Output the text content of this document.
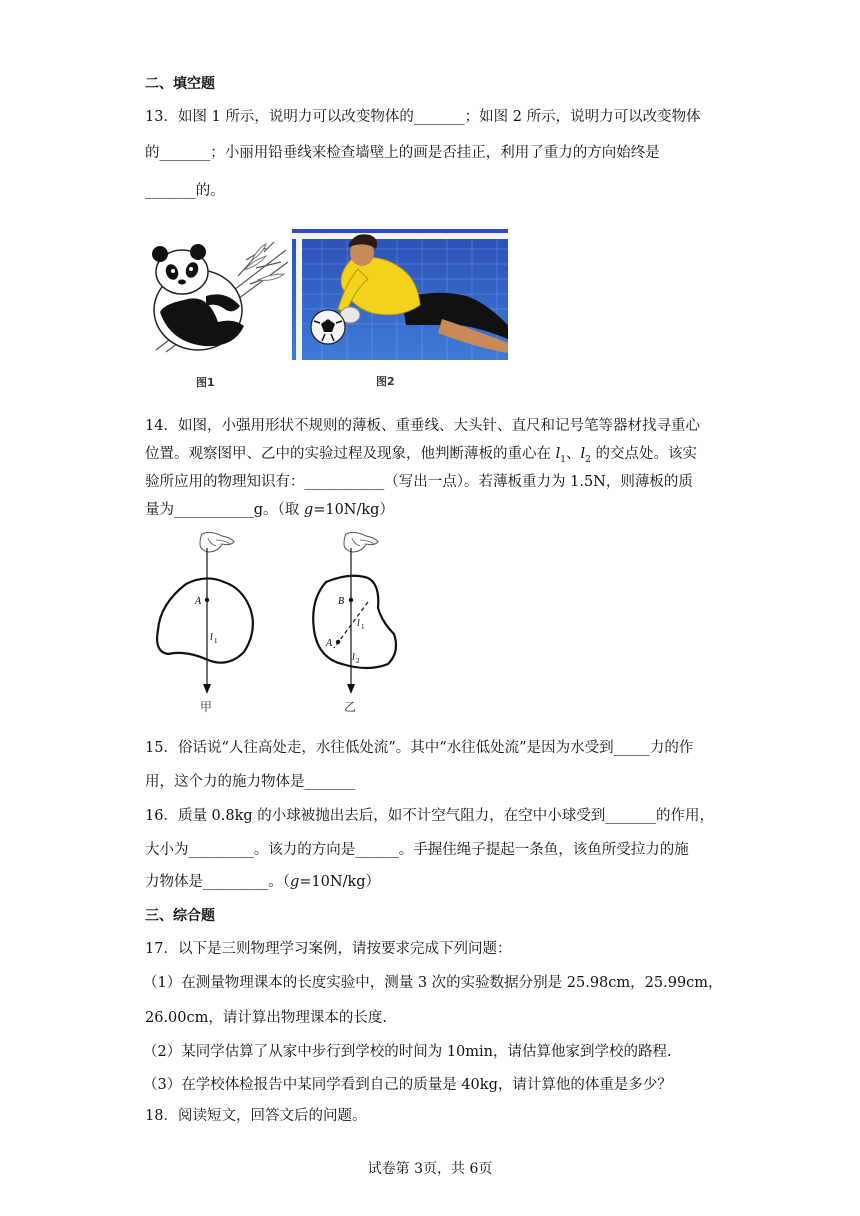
二、填空题
13．如图 1 所示，说明力可以改变物体的_______；如图 2 所示，说明力可以改变物体
的_______；小丽用铅垂线来检查墙壁上的画是否挂正，利用了重力的方向始终是
_______的。
图1	图2
14．如图，小强用形状不规则的薄板、重垂线、大头针、直尺和记号笔等器材找寻重心
位置。观察图甲、乙中的实验过程及现象，他判断薄板的重心在 $l_1$、$l_2$ 的交点处。该实
验所应用的物理知识有：___________（写出一点）。若薄板重力为 1.5N，则薄板的质
量为___________g。（取 g=10N/kg）
A
l 1
甲
B
A
l 1
l 2
乙
15．俗话说“人往高处走，水往低处流”。其中“水往低处流”是因为水受到_____力的作
用，这个力的施力物体是_______
16．质量 0.8kg 的小球被抛出去后，如不计空气阻力，在空中小球受到_______的作用，
大小为_________。该力的方向是______。手握住绳子提起一条鱼，该鱼所受拉力的施
力物体是_________。（g=10N/kg）
三、综合题
17．以下是三则物理学习案例，请按要求完成下列问题：
（1）在测量物理课本的长度实验中，测量 3 次的实验数据分别是 25.98cm，25.99cm，
26.00cm，请计算出物理课本的长度.
（2）某同学估算了从家中步行到学校的时间为 10min，请估算他家到学校的路程.
（3）在学校体检报告中某同学看到自己的质量是 40kg，请计算他的体重是多少？
18．阅读短文，回答文后的问题。
试卷第 3页，共 6页
